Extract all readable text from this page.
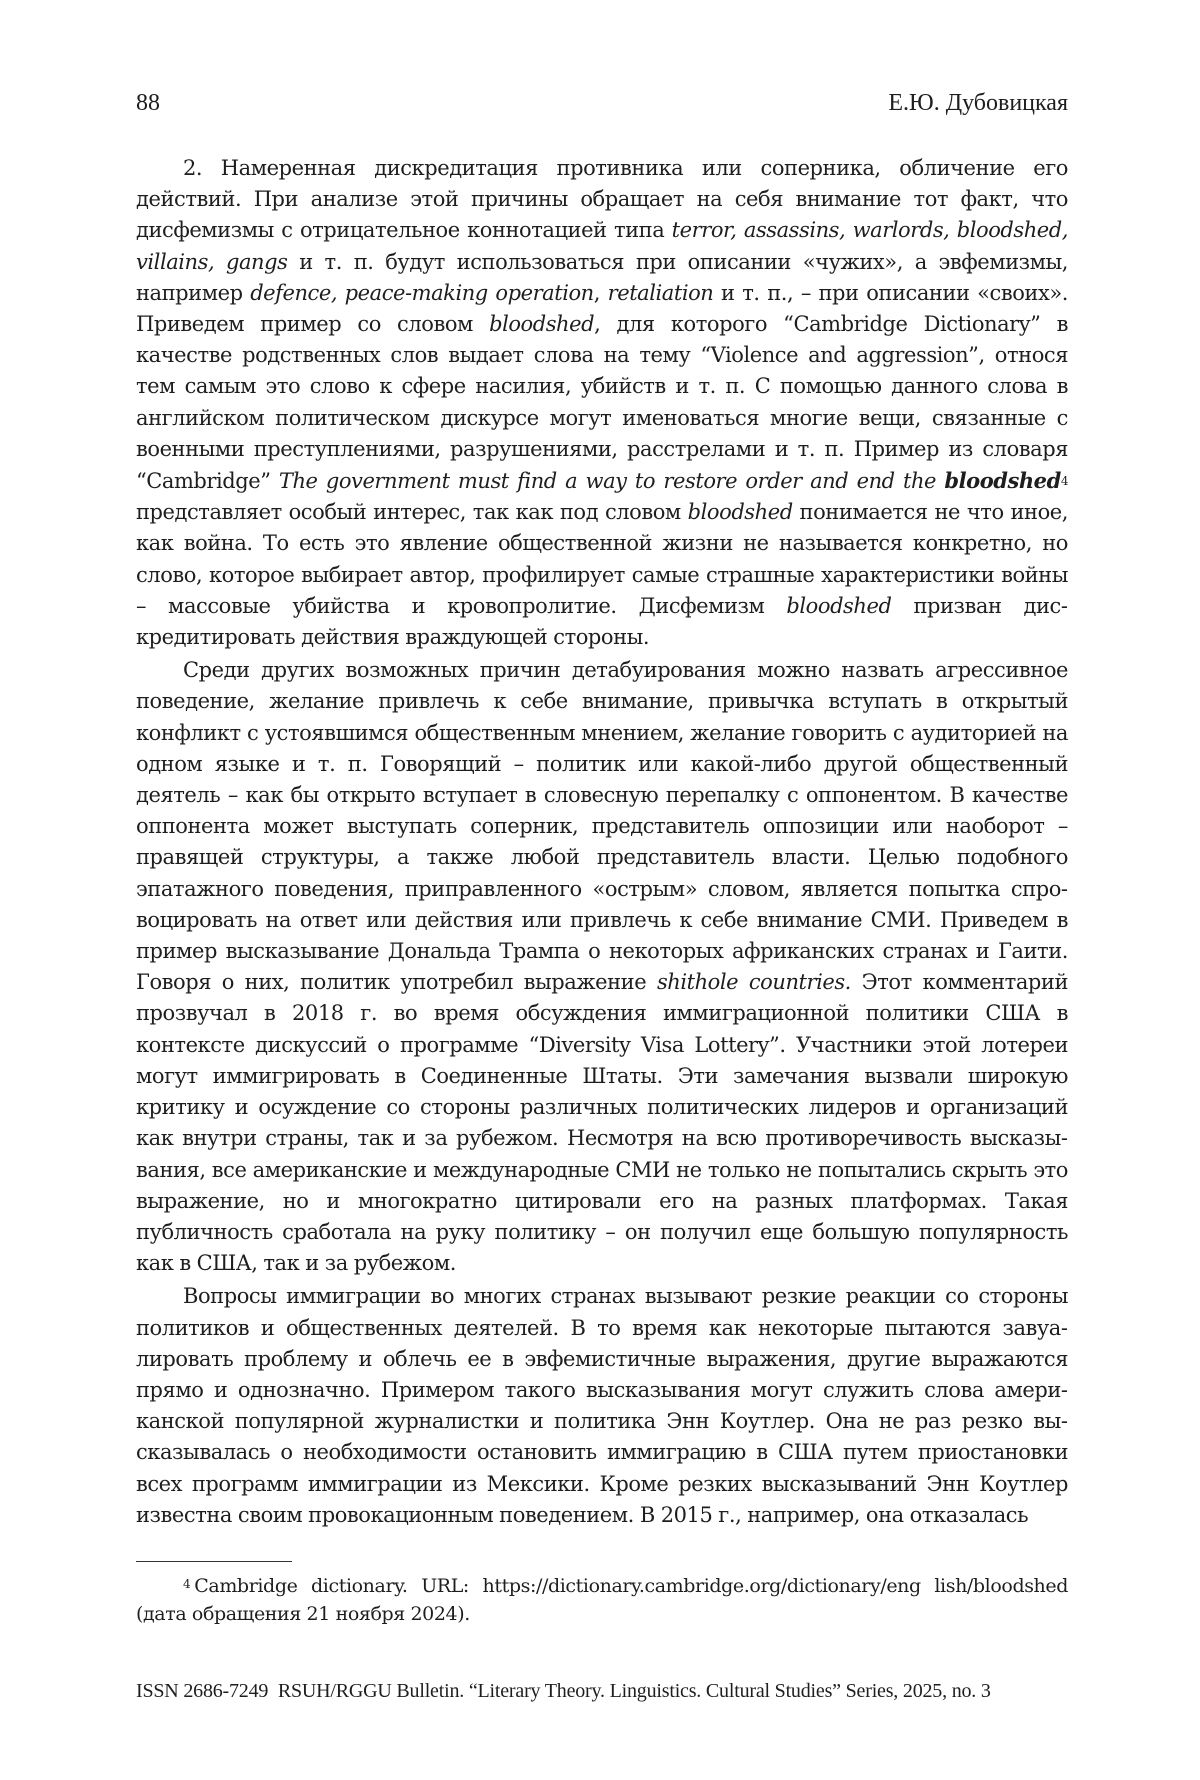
88	Е.Ю. Дубовицкая

2. Намеренная дискредитация противника или соперника, обличение его действий. При анализе этой причины обращает на себя внимание тот факт, что дисфемизмы с отрицательное коннотацией типа terror, assassins, warlords, bloodshed, villains, gangs и т. п. будут использоваться при описании «чужих», а эвфемизмы, например defence, peace-making operation, retaliation и т. п., – при описании «своих». Приведем пример со словом bloodshed, для которого “Cambridge Dictionary” в качестве родственных слов выдает слова на тему “Violence and aggression”, относя тем самым это слово к сфере насилия, убийств и т. п. С помощью данного слова в английском политическом дискурсе могут именоваться многие вещи, связанные с военными преступлениями, разрушениями, расстрелами и т. п. Пример из словаря “Cambridge” The government must find a way to restore order and end the bloodshed$^4$ представляет особый интерес, так как под словом bloodshed понимается не что иное, как война. То есть это явление общественной жизни не называется конкретно, но слово, которое выбирает автор, профилирует самые страшные характеристики войны – массовые убийства и кровопролитие. Дисфемизм bloodshed призван дискредитировать действия враждующей стороны.

Среди других возможных причин детабуирования можно назвать агрессивное поведение, желание привлечь к себе внимание, привычка вступать в открытый конфликт с устоявшимся общественным мнением, желание говорить с аудиторией на одном языке и т. п. Говорящий – политик или какой-либо другой общественный деятель – как бы открыто вступает в словесную перепалку с оппонентом. В качестве оппонента может выступать соперник, представитель оппозиции или наоборот – правящей структуры, а также любой представитель власти. Целью подобного эпатажного поведения, приправленного «острым» словом, является попытка спровоцировать на ответ или действия или привлечь к себе внимание СМИ. Приведем в пример высказывание Дональда Трампа о некоторых африканских странах и Гаити. Говоря о них, политик употребил выражение shithole countries. Этот комментарий прозвучал в 2018 г. во время обсуждения иммиграционной политики США в контексте дискуссий о программе “Diversity Visa Lottery”. Участники этой лотереи могут иммигрировать в Соединенные Штаты. Эти замечания вызвали широкую критику и осуждение со стороны различных политических лидеров и организаций как внутри страны, так и за рубежом. Несмотря на всю противоречивость высказывания, все американские и международные СМИ не только не попытались скрыть это выражение, но и многократно цитировали его на разных платформах. Такая публичность сработала на руку политику – он получил еще большую популярность как в США, так и за рубежом.

Вопросы иммиграции во многих странах вызывают резкие реакции со стороны политиков и общественных деятелей. В то время как некоторые пытаются завуалировать проблему и облечь ее в эвфемистичные выражения, другие выражаются прямо и однозначно. Примером такого высказывания могут служить слова американской популярной журналистки и политика Энн Коутлер. Она не раз резко высказывалась о необходимости остановить иммиграцию в США путем приостановки всех программ иммиграции из Мексики. Кроме резких высказываний Энн Коутлер известна своим провокационным поведением. В 2015 г., например, она отказалась

$^4$ Cambridge dictionary. URL: https://dictionary.cambridge.org/dictionary/eng lish/bloodshed (дата обращения 21 ноября 2024).

ISSN 2686-7249 RSUH/RGGU Bulletin. “Literary Theory. Linguistics. Cultural Studies” Series, 2025, no. 3
